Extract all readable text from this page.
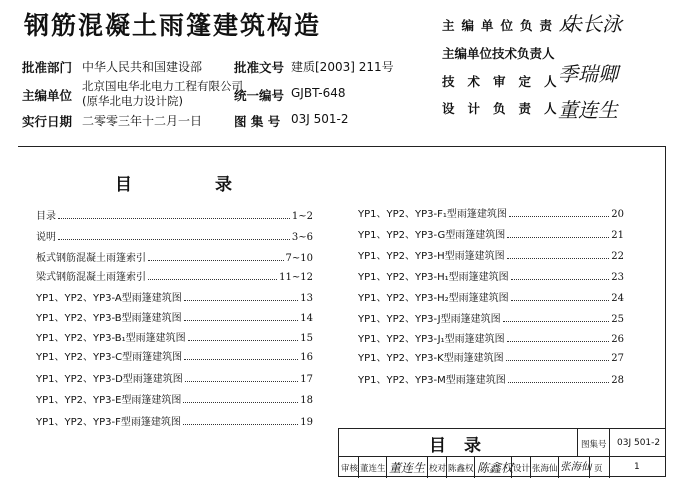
钢筋混凝土雨篷建筑构造
批准部门 中华人民共和国建设部	批准文号 建质[2003] 211号
主编单位
北京国电华北电力工程有限公司
(原华北电力设计院)	统一编号 GJBT-648
实行日期 二零零三年十二月一日	图 集 号 03J 501-2
主编单位负责人
朱长泳
主编单位技术负责人
技术审定人
季瑞卿
设计负责人
董连生
目	录
目录	1~2
说明	3~6
板式钢筋混凝土雨篷索引	7~10
梁式钢筋混凝土雨篷索引	11~12
YP1、YP2、YP3-A型雨篷建筑图	13
YP1、YP2、YP3-B型雨篷建筑图	14
YP1、YP2、YP3-B₁型雨篷建筑图	15
YP1、YP2、YP3-C型雨篷建筑图	16
YP1、YP2、YP3-D型雨篷建筑图	17
YP1、YP2、YP3-E型雨篷建筑图	18
YP1、YP2、YP3-F型雨篷建筑图	19
YP1、YP2、YP3-F₁型雨篷建筑图	20
YP1、YP2、YP3-G型雨篷建筑图	21
YP1、YP2、YP3-H型雨篷建筑图	22
YP1、YP2、YP3-H₁型雨篷建筑图	23
YP1、YP2、YP3-H₂型雨篷建筑图	24
YP1、YP2、YP3-J型雨篷建筑图	25
YP1、YP2、YP3-J₁型雨篷建筑图	26
YP1、YP2、YP3-K型雨篷建筑图	27
YP1、YP2、YP3-M型雨篷建筑图	28
目 录	图集号 03J 501-2
审核 董连生 董连生 校对 陈鑫权 陈鑫权 设计 张海仙 张海仙 页	1
